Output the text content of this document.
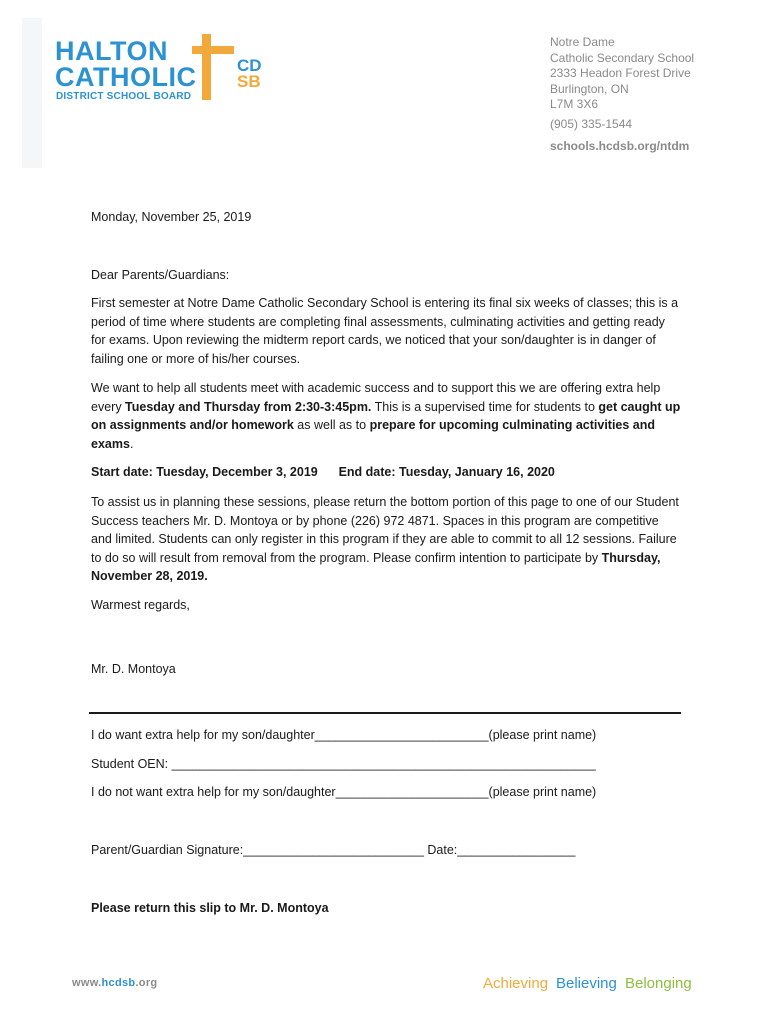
HALTON
CATHOLIC
DISTRICT SCHOOL BOARD
CD
SB
Notre Dame
Catholic Secondary School
2333 Headon Forest Drive
Burlington, ON
L7M 3X6
(905) 335-1544
schools.hcdsb.org/ntdm
Monday, November 25, 2019
Dear Parents/Guardians:
First semester at Notre Dame Catholic Secondary School is entering its final six weeks of classes; this is a period of time where students are completing final assessments, culminating activities and getting ready for exams. Upon reviewing the midterm report cards, we noticed that your son/daughter is in danger of failing one or more of his/her courses.
We want to help all students meet with academic success and to support this we are offering extra help every Tuesday and Thursday from 2:30-3:45pm. This is a supervised time for students to get caught up on assignments and/or homework as well as to prepare for upcoming culminating activities and exams.
Start date: Tuesday, December 3, 2019 End date: Tuesday, January 16, 2020
To assist us in planning these sessions, please return the bottom portion of this page to one of our Student Success teachers Mr. D. Montoya or by phone (226) 972 4871. Spaces in this program are competitive and limited. Students can only register in this program if they are able to commit to all 12 sessions. Failure to do so will result from removal from the program. Please confirm intention to participate by Thursday, November 28, 2019.
Warmest regards,
Mr. D. Montoya
I do want extra help for my son/daughter_________________________(please print name)
Student OEN: _____________________________________________________________
I do not want extra help for my son/daughter______________________(please print name)
Parent/Guardian Signature:__________________________ Date:_________________
Please return this slip to Mr. D. Montoya
www.hcdsb.org	Achieving Believing Belonging
